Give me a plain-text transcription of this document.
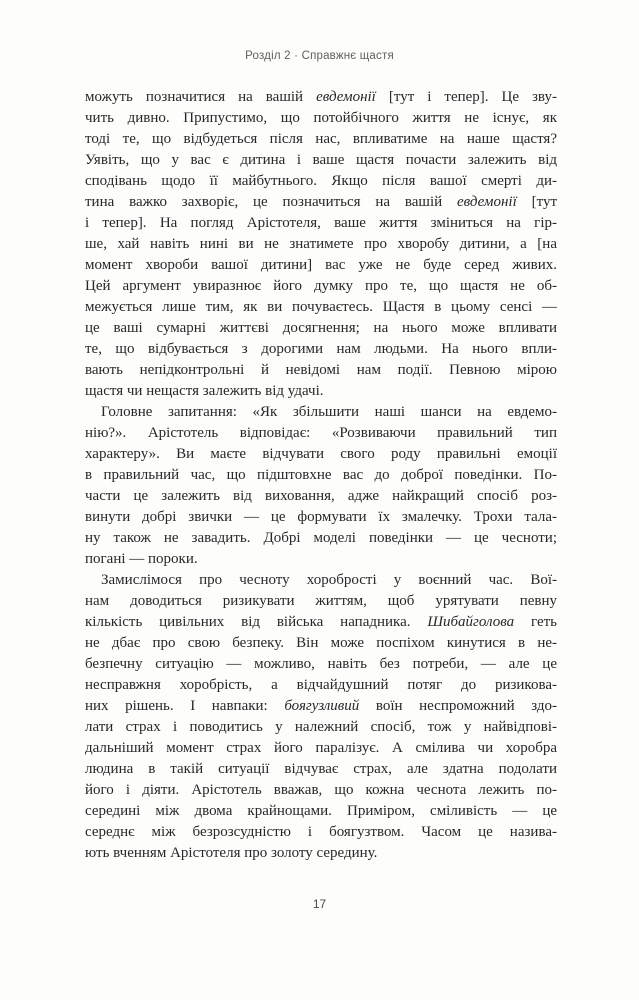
Розділ 2 · Справжнє щастя
можуть позначитися на вашій евдемонії [тут і тепер]. Це зву-
чить дивно. Припустимо, що потойбічного життя не існує, як
тоді те, що відбудеться після нас, впливатиме на наше щастя?
Уявіть, що у вас є дитина і ваше щастя почасти залежить від
сподівань щодо її майбутнього. Якщо після вашої смерті ди-
тина важко захворіє, це позначиться на вашій евдемонії [тут
і тепер]. На погляд Арістотеля, ваше життя зміниться на гір-
ше, хай навіть нині ви не знатимете про хворобу дитини, а [на
момент хвороби вашої дитини] вас уже не буде серед живих.
Цей аргумент увиразнює його думку про те, що щастя не об-
межується лише тим, як ви почуваєтесь. Щастя в цьому сенсі —
це ваші сумарні життєві досягнення; на нього може впливати
те, що відбувається з дорогими нам людьми. На нього впли-
вають непідконтрольні й невідомі нам події. Певною мірою
щастя чи нещастя залежить від удачі.
Головне запитання: «Як збільшити наші шанси на евдемо-
нію?». Арістотель відповідає: «Розвиваючи правильний тип
характеру». Ви маєте відчувати свого роду правильні емоції
в правильний час, що підштовхне вас до доброї поведінки. По-
части це залежить від виховання, адже найкращий спосіб роз-
винути добрі звички — це формувати їх змалечку. Трохи тала-
ну також не завадить. Добрі моделі поведінки — це чесноти;
погані — пороки.
Замислімося про чесноту хоробрості у воєнний час. Вої-
нам доводиться ризикувати життям, щоб урятувати певну
кількість цивільних від війська нападника. Шибайголова геть
не дбає про свою безпеку. Він може поспіхом кинутися в не-
безпечну ситуацію — можливо, навіть без потреби, — але це
несправжня хоробрість, а відчайдушний потяг до ризикова-
них рішень. І навпаки: боягузливий воїн неспроможний здо-
лати страх і поводитись у належний спосіб, тож у найвідпові-
дальніший момент страх його паралізує. А смілива чи хоробра
людина в такій ситуації відчуває страх, але здатна подолати
його і діяти. Арістотель вважав, що кожна чеснота лежить по-
середині між двома крайнощами. Приміром, сміливість — це
середнє між безрозсудністю і боягузтвом. Часом це назива-
ють вченням Арістотеля про золоту середину.
17
